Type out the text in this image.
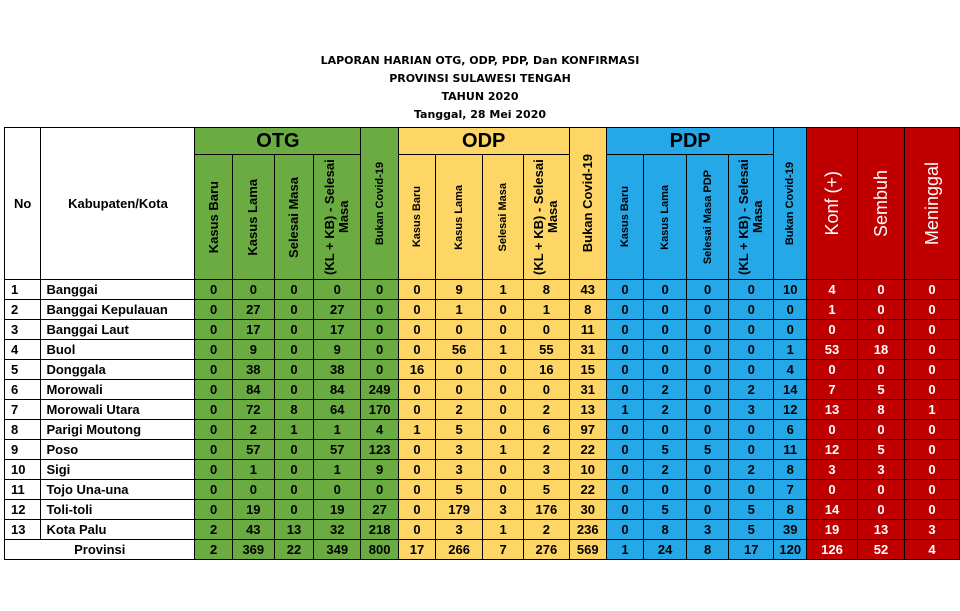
LAPORAN HARIAN OTG, ODP, PDP, Dan KONFIRMASI
PROVINSI SULAWESI TENGAH
TAHUN 2020
Tanggal, 28 Mei 2020
No	Kabupaten/Kota	OTG				Bukan Covid-19	ODP				Bukan Covid-19	PDP				Bukan Covid-19	Konf (+)	Sembuh	Meninggal

		Kasus Baru	Kasus Lama	Selesai Masa	(KL + KB) - Selesai Masa		Kasus Baru	Kasus Lama	Selesai Masa	(KL + KB) - Selesai Masa		Kasus Baru	Kasus Lama	Selesai Masa PDP	(KL + KB) - Selesai Masa				

1	Banggai	0	0	0	0	0	0	9	1	8	43	0	0	0	0	10	4	0	0
2	Banggai Kepulauan	0	27	0	27	0	0	1	0	1	8	0	0	0	0	0	1	0	0
3	Banggai Laut	0	17	0	17	0	0	0	0	0	11	0	0	0	0	0	0	0	0
4	Buol	0	9	0	9	0	0	56	1	55	31	0	0	0	0	1	53	18	0
5	Donggala	0	38	0	38	0	16	0	0	16	15	0	0	0	0	4	0	0	0
6	Morowali	0	84	0	84	249	0	0	0	0	31	0	2	0	2	14	7	5	0
7	Morowali Utara	0	72	8	64	170	0	2	0	2	13	1	2	0	3	12	13	8	1
8	Parigi Moutong	0	2	1	1	4	1	5	0	6	97	0	0	0	0	6	0	0	0
9	Poso	0	57	0	57	123	0	3	1	2	22	0	5	5	0	11	12	5	0
10	Sigi	0	1	0	1	9	0	3	0	3	10	0	2	0	2	8	3	3	0
11	Tojo Una-una	0	0	0	0	0	0	5	0	5	22	0	0	0	0	7	0	0	0
12	Toli-toli	0	19	0	19	27	0	179	3	176	30	0	5	0	5	8	14	0	0
13	Kota Palu	2	43	13	32	218	0	3	1	2	236	0	8	3	5	39	19	13	3
Provinsi		2	369	22	349	800	17	266	7	276	569	1	24	8	17	120	126	52	4
